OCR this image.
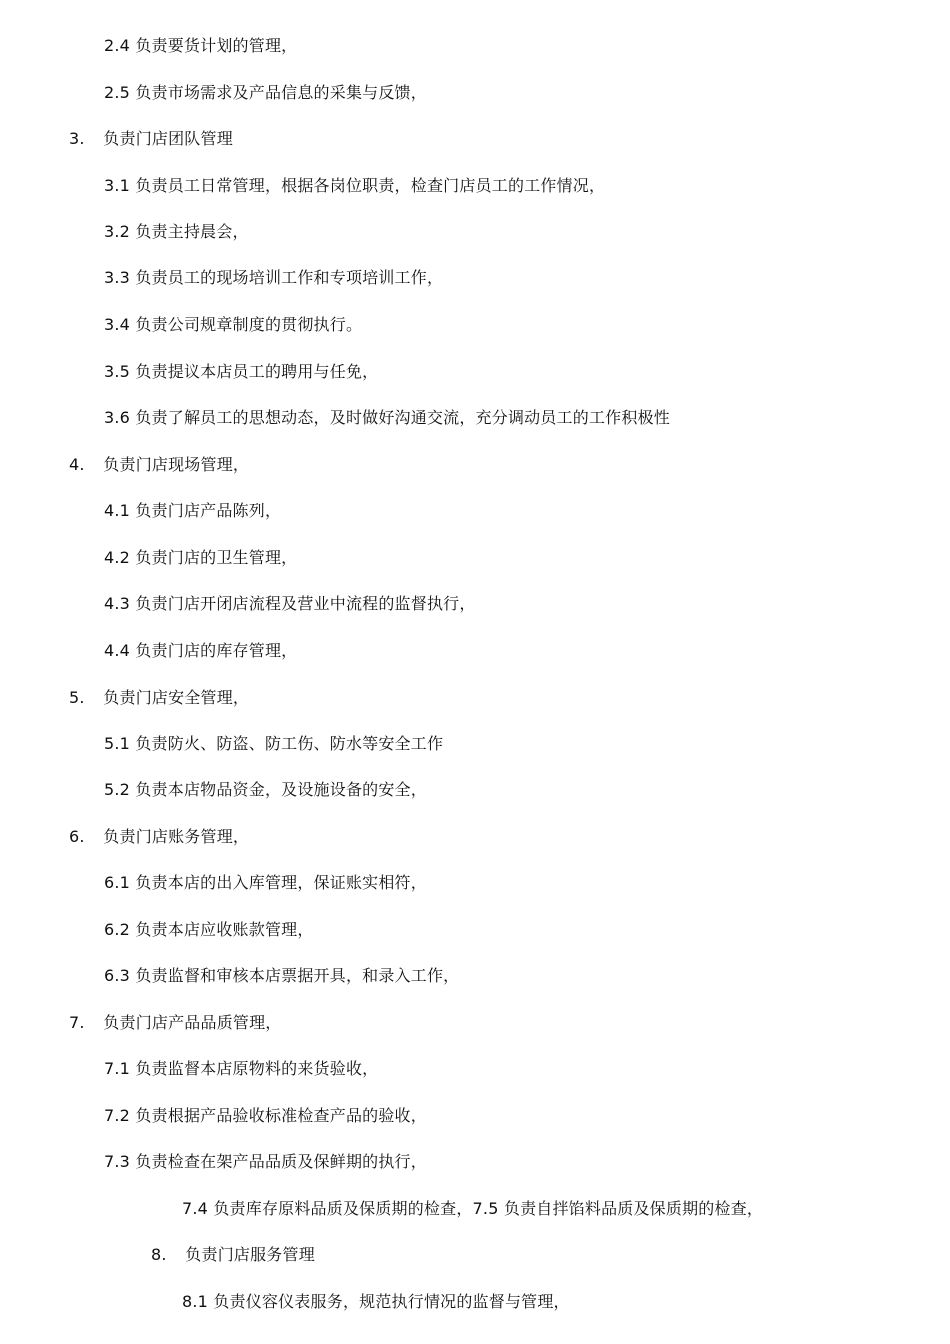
2.4 负责要货计划的管理，
2.5 负责市场需求及产品信息的采集与反馈，
3. 负责门店团队管理
3.1 负责员工日常管理，根据各岗位职责，检查门店员工的工作情况，
3.2 负责主持晨会，
3.3 负责员工的现场培训工作和专项培训工作，
3.4 负责公司规章制度的贯彻执行。
3.5 负责提议本店员工的聘用与任免，
3.6 负责了解员工的思想动态，及时做好沟通交流，充分调动员工的工作积极性
4. 负责门店现场管理，
4.1 负责门店产品陈列，
4.2 负责门店的卫生管理，
4.3 负责门店开闭店流程及营业中流程的监督执行，
4.4 负责门店的库存管理，
5. 负责门店安全管理，
5.1 负责防火、防盗、防工伤、防水等安全工作
5.2 负责本店物品资金，及设施设备的安全，
6. 负责门店账务管理，
6.1 负责本店的出入库管理，保证账实相符，
6.2 负责本店应收账款管理，
6.3 负责监督和审核本店票据开具，和录入工作，
7. 负责门店产品品质管理，
7.1 负责监督本店原物料的来货验收，
7.2 负责根据产品验收标准检查产品的验收，
7.3 负责检查在架产品品质及保鲜期的执行，
7.4 负责库存原料品质及保质期的检查，7.5 负责自拌馅料品质及保质期的检查，
8. 负责门店服务管理
8.1 负责仪容仪表服务，规范执行情况的监督与管理，
